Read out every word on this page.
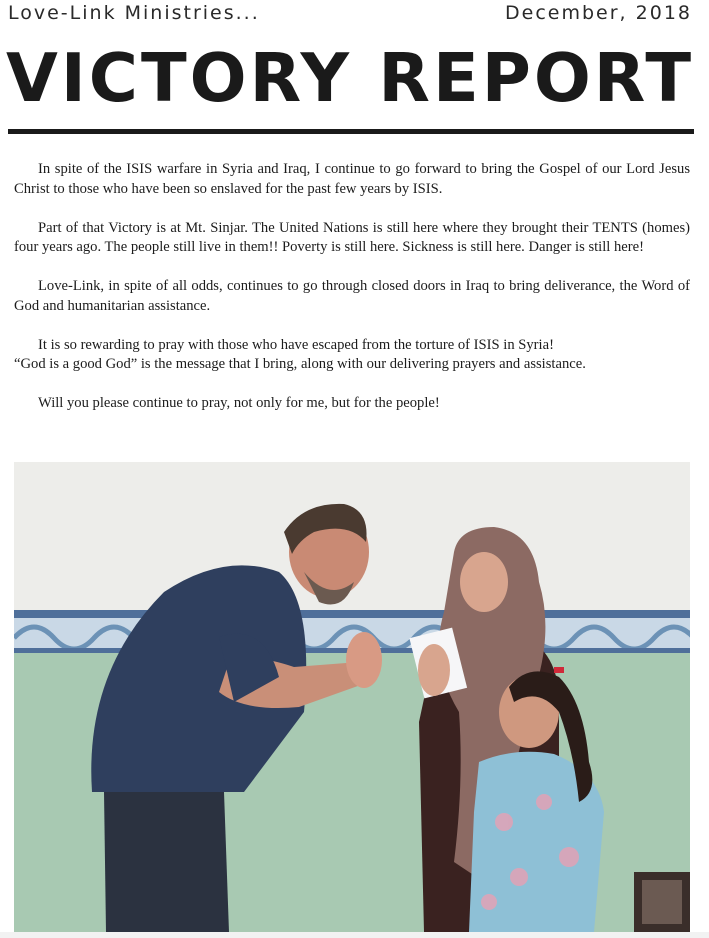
Love-Link Ministries...	December, 2018
VICTORY REPORT

In spite of the ISIS warfare in Syria and Iraq, I continue to go forward to bring the Gospel of our Lord Jesus Christ to those who have been so enslaved for the past few years by ISIS.

Part of that Victory is at Mt. Sinjar. The United Nations is still here where they brought their TENTS (homes) four years ago. The people still live in them!! Poverty is still here. Sickness is still here. Danger is still here!

Love-Link, in spite of all odds, continues to go through closed doors in Iraq to bring deliverance, the Word of God and humanitarian assistance.

It is so rewarding to pray with those who have escaped from the torture of ISIS in Syria!

“God is a good God” is the message that I bring, along with our delivering prayers and assistance.

Will you please continue to pray, not only for me, but for the people!
